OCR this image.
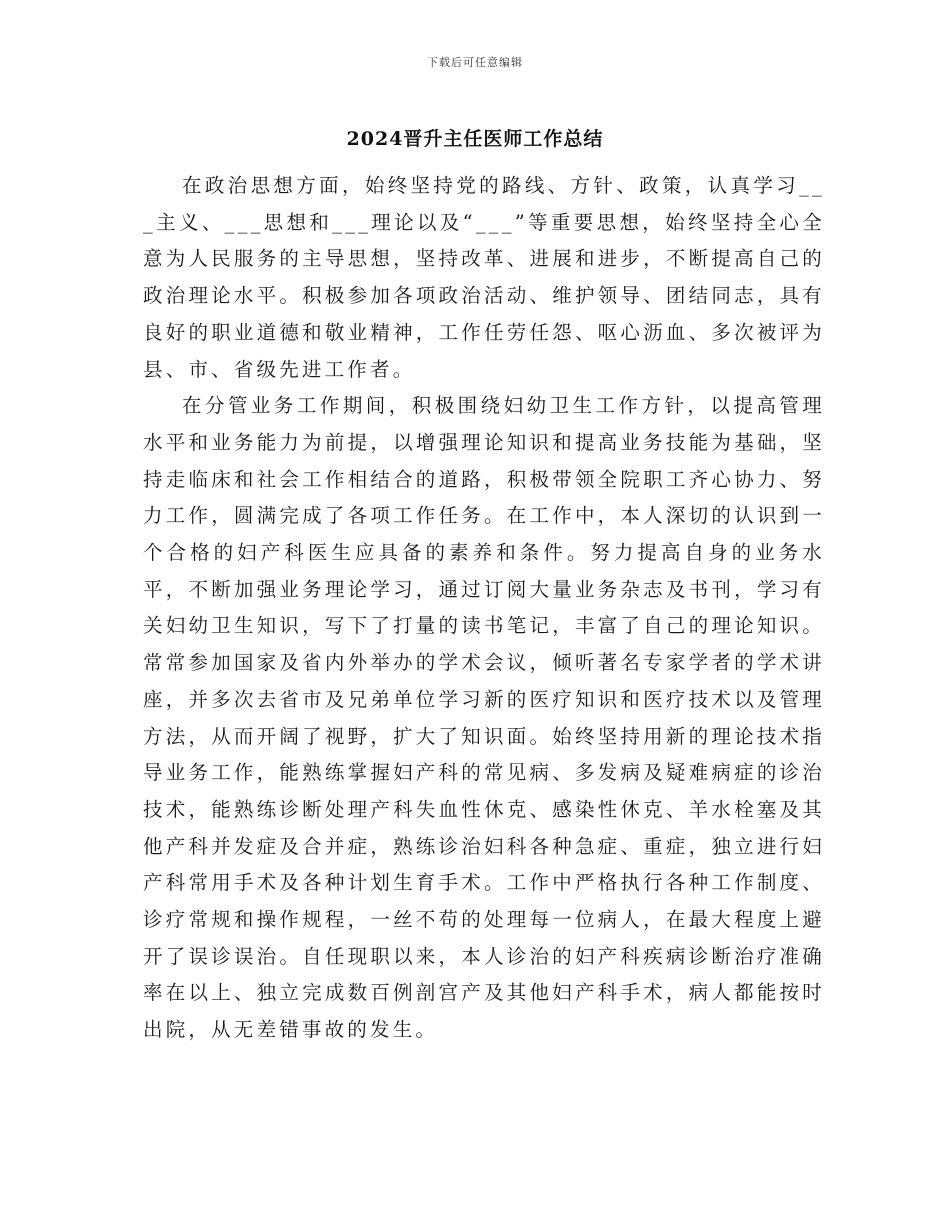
下载后可任意编辑
2024晋升主任医师工作总结

在政治思想方面，始终坚持党的路线、方针、政策，认真学习___主义、___思想和___理论以及“___”等重要思想，始终坚持全心全意为人民服务的主导思想，坚持改革、进展和进步，不断提高自己的政治理论水平。积极参加各项政治活动、维护领导、团结同志，具有良好的职业道德和敬业精神，工作任劳任怨、呕心沥血、多次被评为县、市、省级先进工作者。

在分管业务工作期间，积极围绕妇幼卫生工作方针，以提高管理水平和业务能力为前提，以增强理论知识和提高业务技能为基础，坚持走临床和社会工作相结合的道路，积极带领全院职工齐心协力、努力工作，圆满完成了各项工作任务。在工作中，本人深切的认识到一个合格的妇产科医生应具备的素养和条件。努力提高自身的业务水平，不断加强业务理论学习，通过订阅大量业务杂志及书刊，学习有关妇幼卫生知识，写下了打量的读书笔记，丰富了自己的理论知识。常常参加国家及省内外举办的学术会议，倾听著名专家学者的学术讲座，并多次去省市及兄弟单位学习新的医疗知识和医疗技术以及管理方法，从而开阔了视野，扩大了知识面。始终坚持用新的理论技术指导业务工作，能熟练掌握妇产科的常见病、多发病及疑难病症的诊治技术，能熟练诊断处理产科失血性休克、感染性休克、羊水栓塞及其他产科并发症及合并症，熟练诊治妇科各种急症、重症，独立进行妇产科常用手术及各种计划生育手术。工作中严格执行各种工作制度、诊疗常规和操作规程，一丝不苟的处理每一位病人，在最大程度上避开了误诊误治。自任现职以来，本人诊治的妇产科疾病诊断治疗准确率在以上、独立完成数百例剖宫产及其他妇产科手术，病人都能按时出院，从无差错事故的发生。
